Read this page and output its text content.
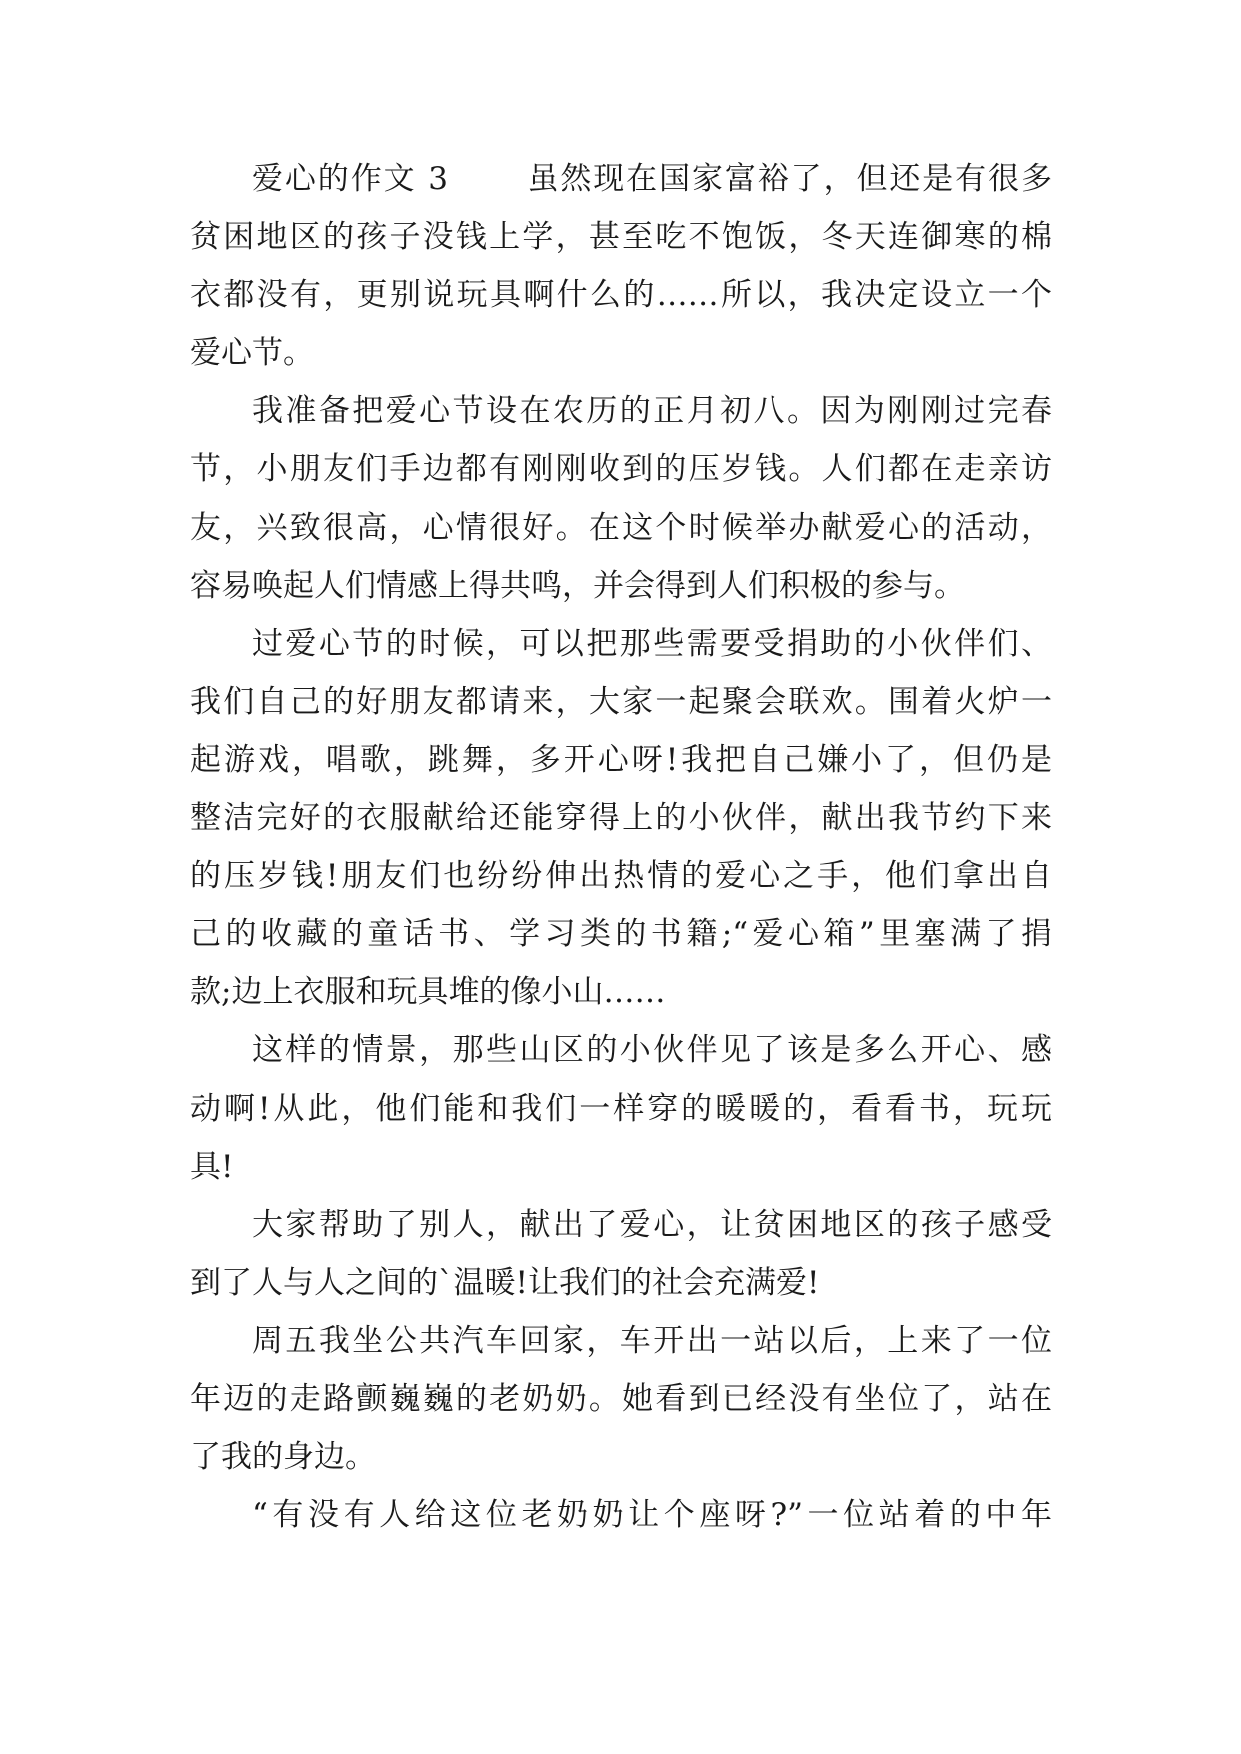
爱心的作文 3　　 虽然现在国家富裕了，但还是有很多
贫困地区的孩子没钱上学，甚至吃不饱饭，冬天连御寒的棉
衣都没有，更别说玩具啊什么的……所以，我决定设立一个
爱心节。
我准备把爱心节设在农历的正月初八。因为刚刚过完春
节，小朋友们手边都有刚刚收到的压岁钱。人们都在走亲访
友，兴致很高，心情很好。在这个时候举办献爱心的活动，
容易唤起人们情感上得共鸣，并会得到人们积极的参与。
过爱心节的时候，可以把那些需要受捐助的小伙伴们、
我们自己的好朋友都请来，大家一起聚会联欢。围着火炉一
起游戏，唱歌，跳舞，多开心呀!我把自己嫌小了，但仍是
整洁完好的衣服献给还能穿得上的小伙伴，献出我节约下来
的压岁钱!朋友们也纷纷伸出热情的爱心之手，他们拿出自
己的收藏的童话书、学习类的书籍;“爱心箱”里塞满了捐
款;边上衣服和玩具堆的像小山……
这样的情景，那些山区的小伙伴见了该是多么开心、感
动啊!从此，他们能和我们一样穿的暖暖的，看看书，玩玩
具!
大家帮助了别人，献出了爱心，让贫困地区的孩子感受
到了人与人之间的`温暖!让我们的社会充满爱!
周五我坐公共汽车回家，车开出一站以后，上来了一位
年迈的走路颤巍巍的老奶奶。她看到已经没有坐位了，站在
了我的身边。
“有没有人给这位老奶奶让个座呀?”一位站着的中年
